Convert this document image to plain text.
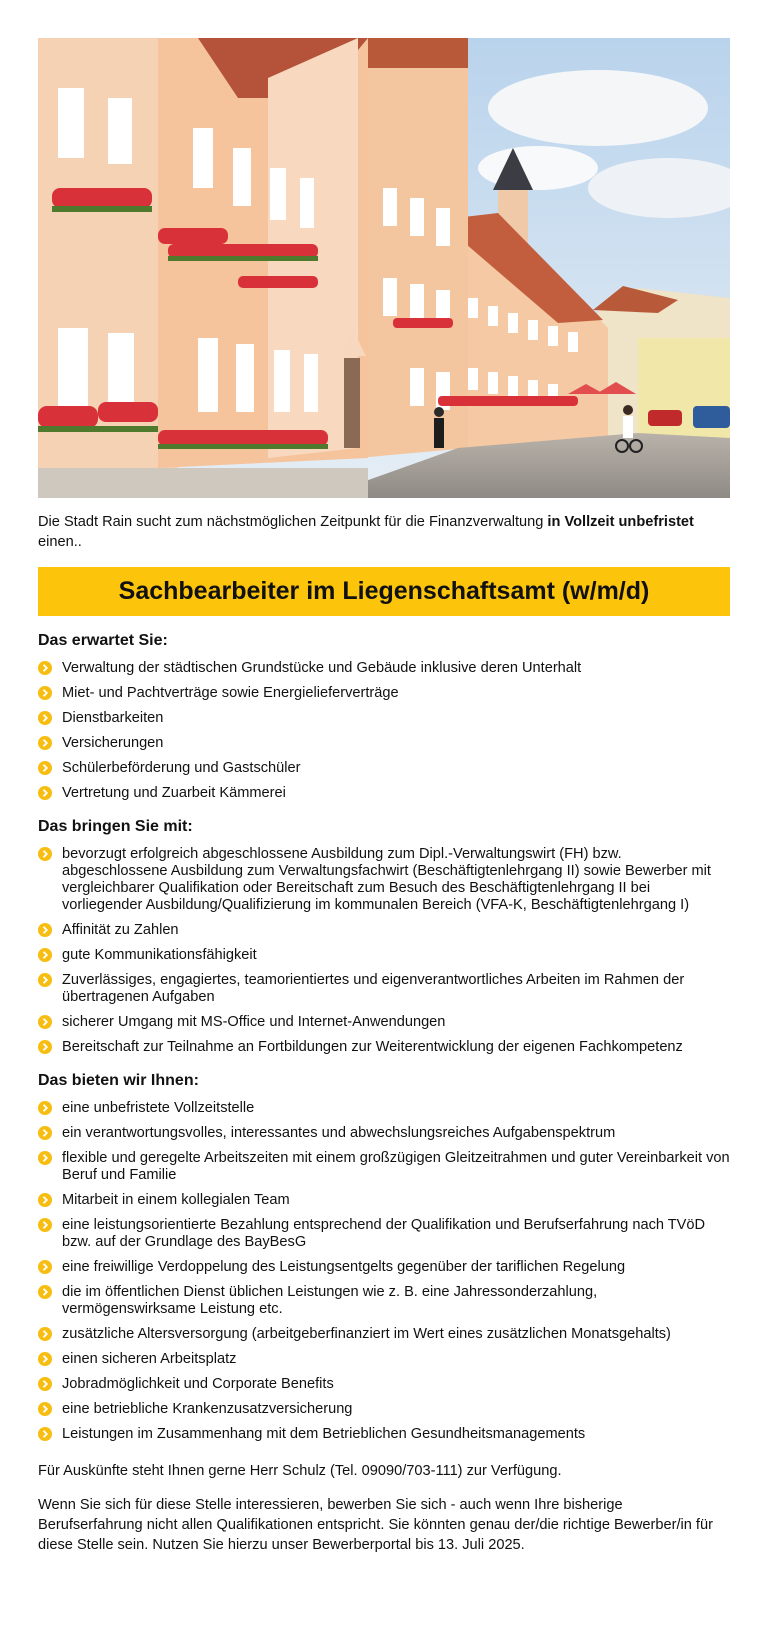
Die Stadt Rain sucht zum nächstmöglichen Zeitpunkt für die Finanzverwaltung in Vollzeit unbefristet einen..

Sachbearbeiter im Liegenschaftsamt (w/m/d)
Das erwartet Sie:
Verwaltung der städtischen Grundstücke und Gebäude inklusive deren Unterhalt
Miet- und Pachtverträge sowie Energielieferverträge
Dienstbarkeiten
Versicherungen
Schülerbeförderung und Gastschüler
Vertretung und Zuarbeit Kämmerei
Das bringen Sie mit:
bevorzugt erfolgreich abgeschlossene Ausbildung zum Dipl.-Verwaltungswirt (FH) bzw. abgeschlossene Ausbildung zum Verwaltungsfachwirt (Beschäftigtenlehrgang II) sowie Bewerber mit vergleichbarer Qualifikation oder Bereitschaft zum Besuch des Beschäftigtenlehrgang II bei vorliegender Ausbildung/Qualifizierung im kommunalen Bereich (VFA-K, Beschäftigtenlehrgang I)
Affinität zu Zahlen
gute Kommunikationsfähigkeit
Zuverlässiges, engagiertes, teamorientiertes und eigenverantwortliches Arbeiten im Rahmen der übertragenen Aufgaben
sicherer Umgang mit MS-Office und Internet-Anwendungen
Bereitschaft zur Teilnahme an Fortbildungen zur Weiterentwicklung der eigenen Fachkompetenz
Das bieten wir Ihnen:
eine unbefristete Vollzeitstelle
ein verantwortungsvolles, interessantes und abwechslungsreiches Aufgabenspektrum
flexible und geregelte Arbeitszeiten mit einem großzügigen Gleitzeitrahmen und guter Vereinbarkeit von Beruf und Familie
Mitarbeit in einem kollegialen Team
eine leistungsorientierte Bezahlung entsprechend der Qualifikation und Berufserfahrung nach TVöD bzw. auf der Grundlage des BayBesG
eine freiwillige Verdoppelung des Leistungsentgelts gegenüber der tariflichen Regelung
die im öffentlichen Dienst üblichen Leistungen wie z. B. eine Jahressonderzahlung, vermögenswirksame Leistung etc.
zusätzliche Altersversorgung (arbeitgeberfinanziert im Wert eines zusätzlichen Monatsgehalts)
einen sicheren Arbeitsplatz
Jobradmöglichkeit und Corporate Benefits
eine betriebliche Krankenzusatzversicherung
Leistungen im Zusammenhang mit dem Betrieblichen Gesundheitsmanagements

Für Auskünfte steht Ihnen gerne Herr Schulz (Tel. 09090/703-111) zur Verfügung.

Wenn Sie sich für diese Stelle interessieren, bewerben Sie sich - auch wenn Ihre bisherige Berufserfahrung nicht allen Qualifikationen entspricht. Sie könnten genau der/die richtige Bewerber/in für diese Stelle sein. Nutzen Sie hierzu unser Bewerberportal bis 13. Juli 2025.
